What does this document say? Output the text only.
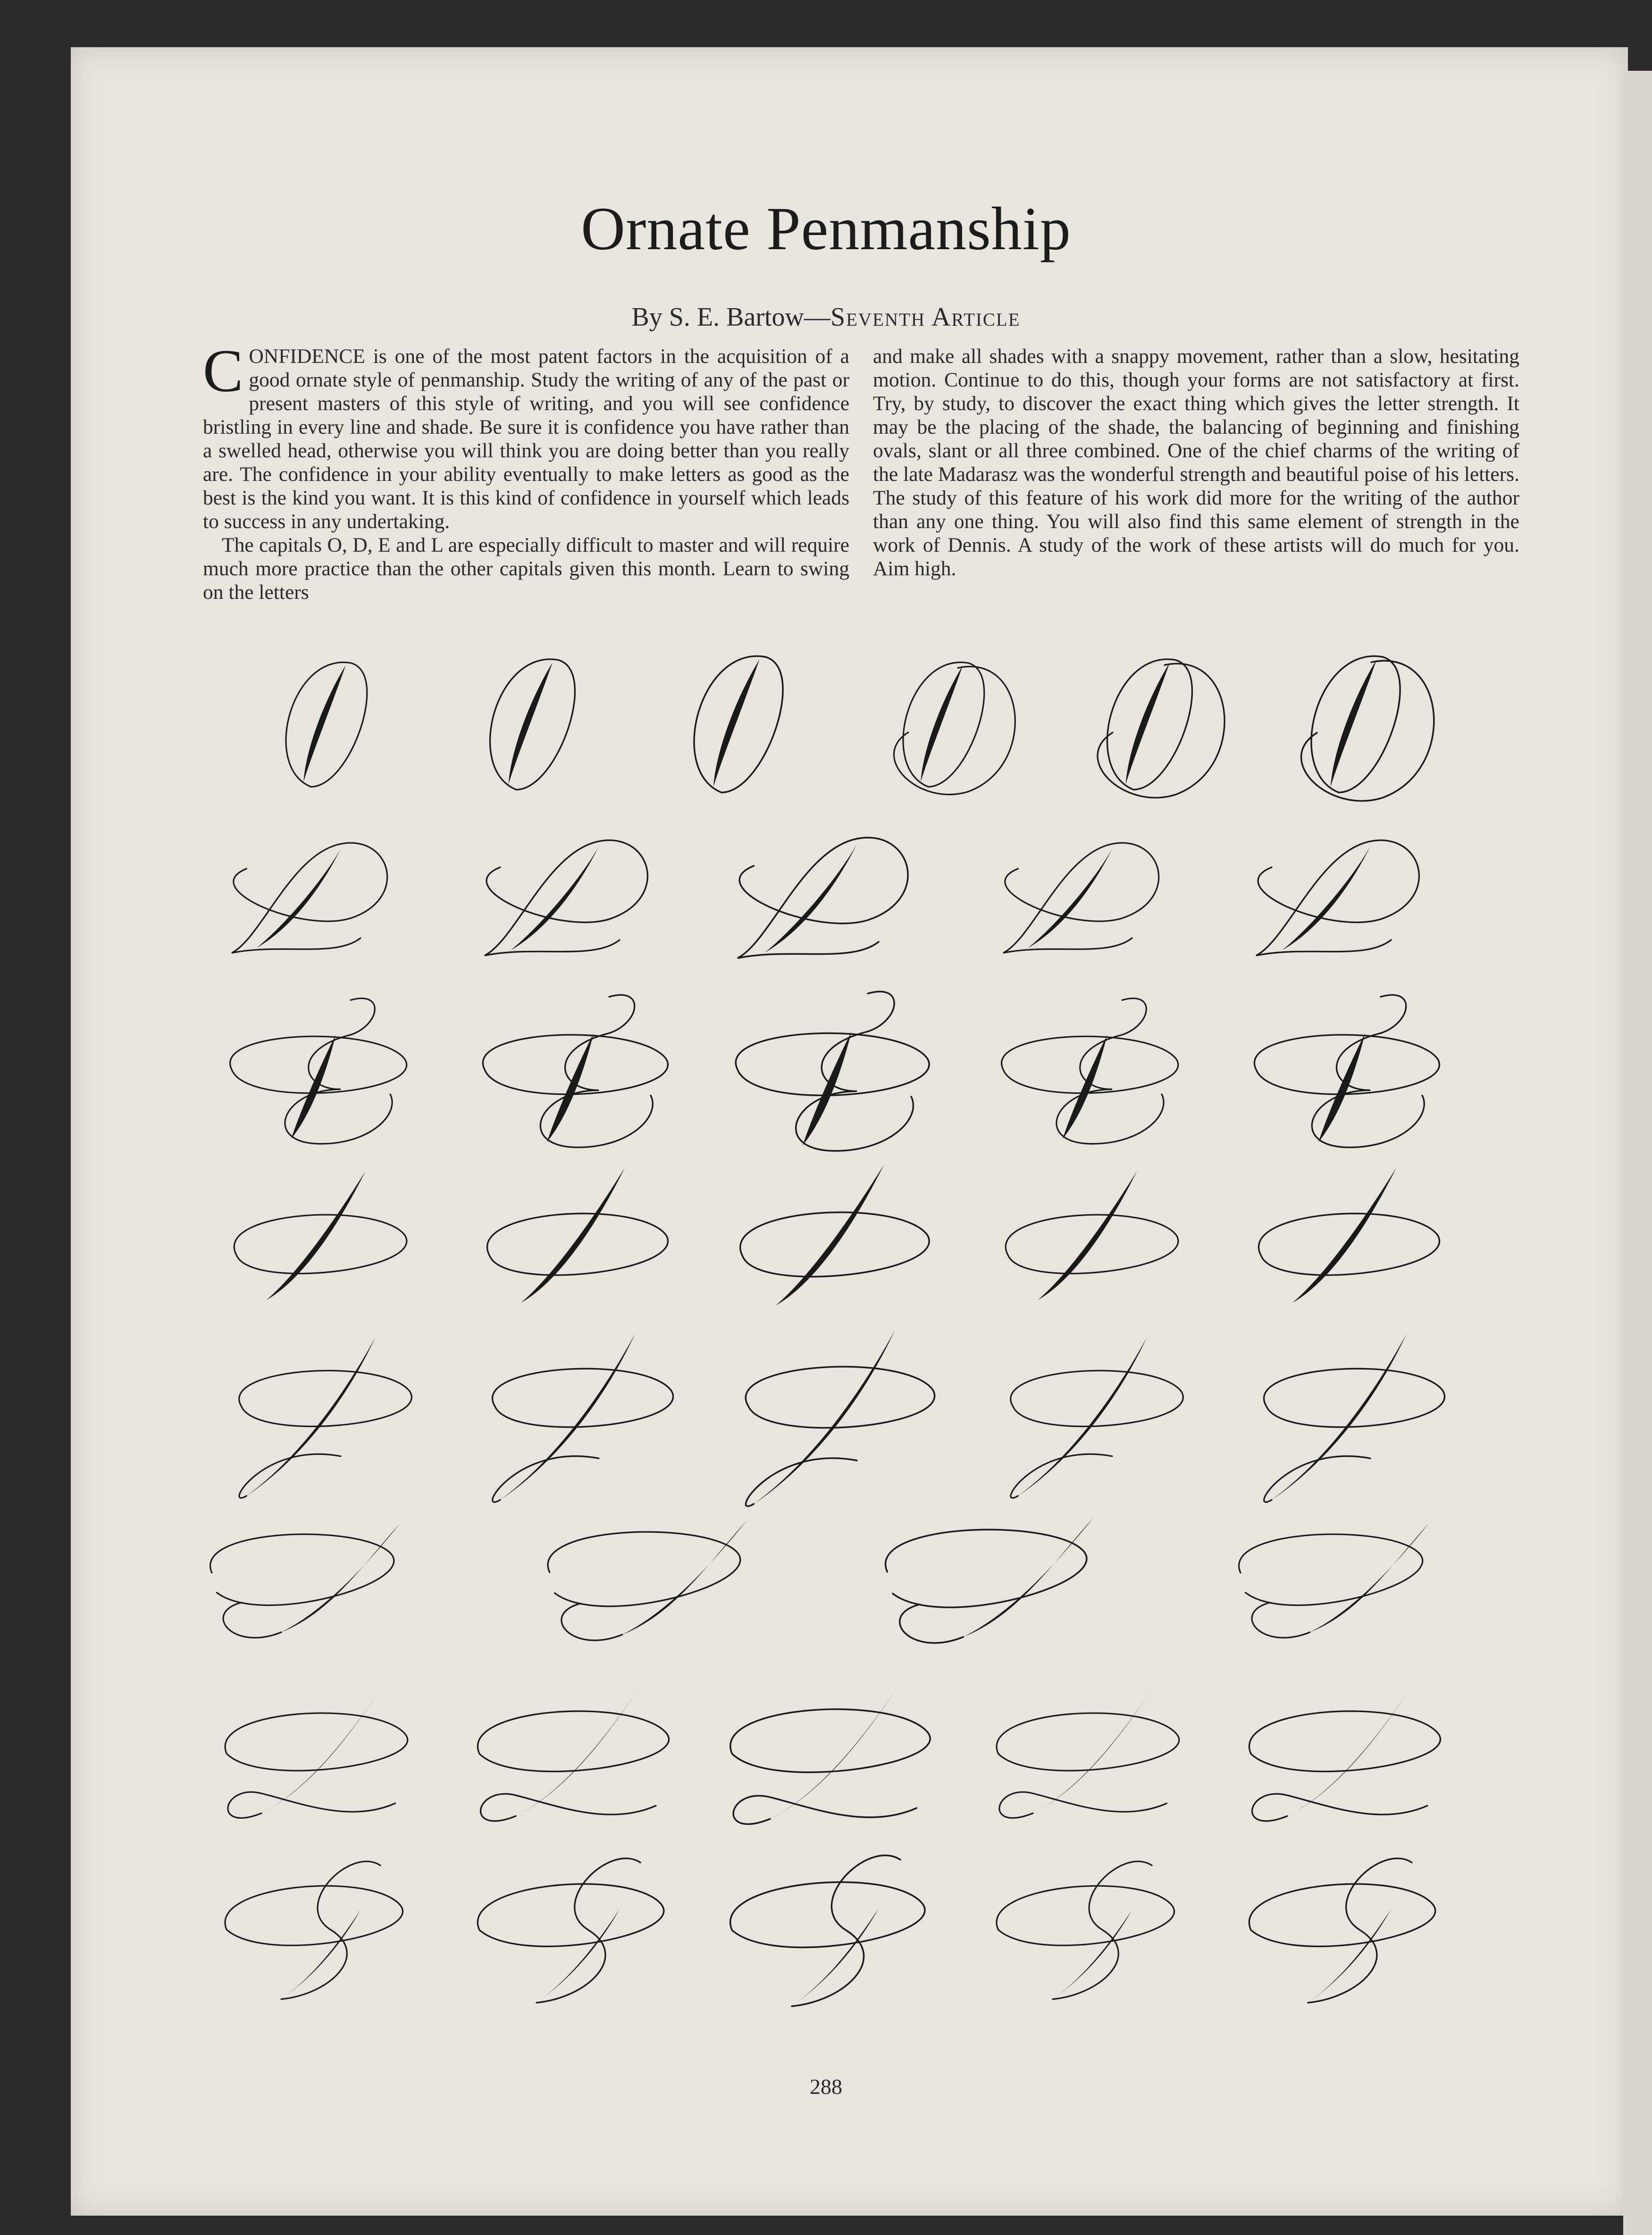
Ornate Penmanship
By S. E. Bartow—Seventh Article

CONFIDENCE is one of the most patent factors in the acquisition of a good ornate style of penmanship. Study the writing of any of the past or present masters of this style of writing, and you will see confidence bristling in every line and shade. Be sure it is confidence you have rather than a swelled head, otherwise you will think you are doing better than you really are. The confidence in your ability eventually to make letters as good as the best is the kind you want. It is this kind of confidence in yourself which leads to success in any undertaking.

The capitals O, D, E and L are especially difficult to master and will require much more practice than the other capitals given this month. Learn to swing on the letters

and make all shades with a snappy movement, rather than a slow, hesitating motion. Continue to do this, though your forms are not satisfactory at first. Try, by study, to discover the exact thing which gives the letter strength. It may be the placing of the shade, the balancing of beginning and finishing ovals, slant or all three combined. One of the chief charms of the writing of the late Madarasz was the wonderful strength and beautiful poise of his letters. The study of this feature of his work did more for the writing of the author than any one thing. You will also find this same element of strength in the work of Dennis. A study of the work of these artists will do much for you. Aim high.

288
